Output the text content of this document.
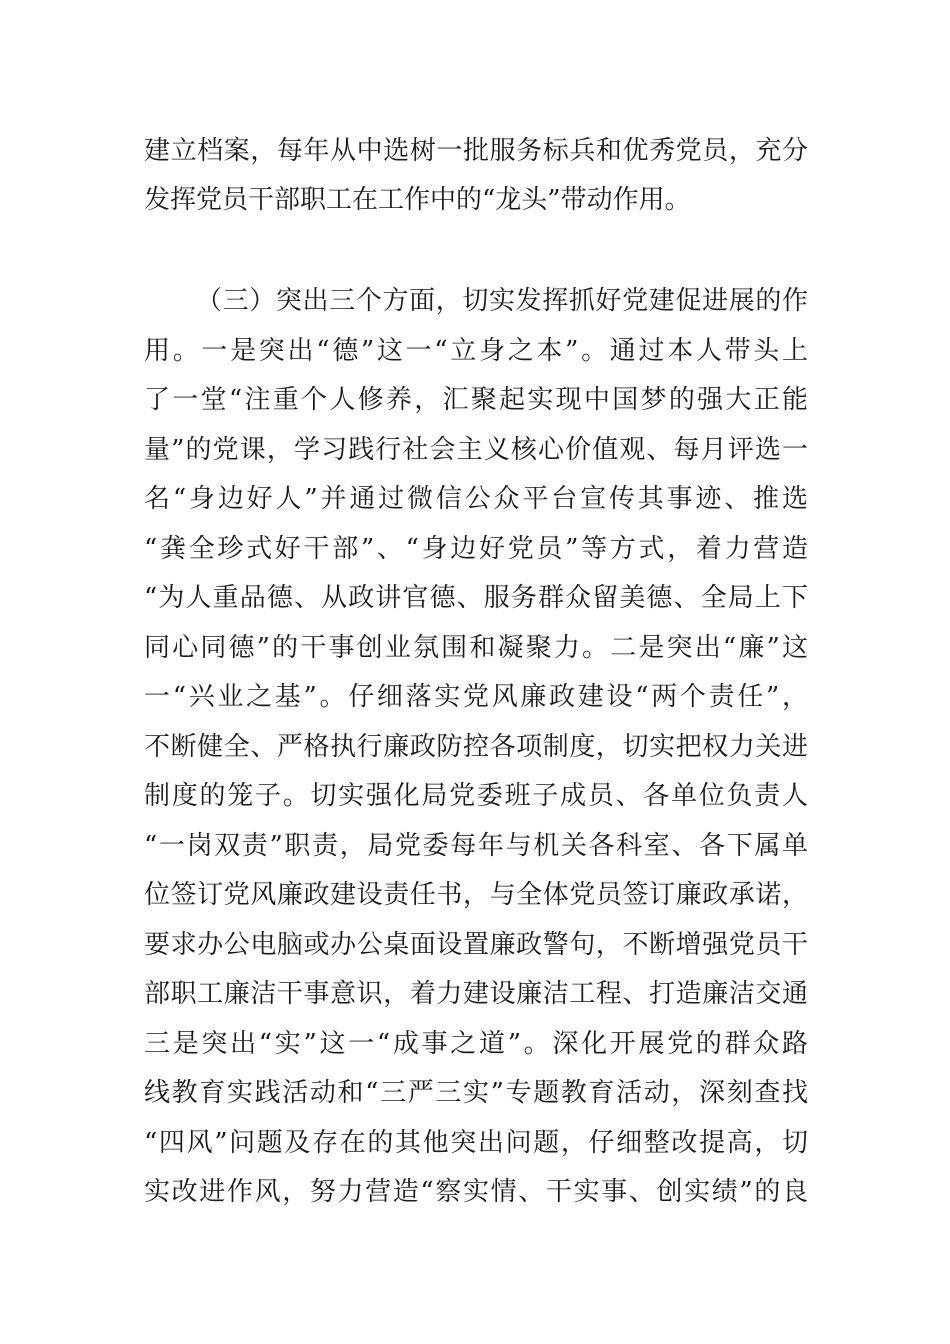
建立档案，每年从中选树一批服务标兵和优秀党员，充分
发挥党员干部职工在工作中的“龙头”带动作用。
（三）突出三个方面，切实发挥抓好党建促进展的作
用。一是突出“德”这一“立身之本”。通过本人带头上
了一堂“注重个人修养，汇聚起实现中国梦的强大正能
量”的党课，学习践行社会主义核心价值观、每月评选一
名“身边好人”并通过微信公众平台宣传其事迹、推选
“龚全珍式好干部”、“身边好党员”等方式，着力营造
“为人重品德、从政讲官德、服务群众留美德、全局上下
同心同德”的干事创业氛围和凝聚力。二是突出“廉”这
一“兴业之基”。仔细落实党风廉政建设“两个责任”，
不断健全、严格执行廉政防控各项制度，切实把权力关进
制度的笼子。切实强化局党委班子成员、各单位负责人
“一岗双责”职责，局党委每年与机关各科室、各下属单
位签订党风廉政建设责任书，与全体党员签订廉政承诺，
要求办公电脑或办公桌面设置廉政警句，不断增强党员干
部职工廉洁干事意识，着力建设廉洁工程、打造廉洁交通
三是突出“实”这一“成事之道”。深化开展党的群众路
线教育实践活动和“三严三实”专题教育活动，深刻查找
“四风”问题及存在的其他突出问题，仔细整改提高，切
实改进作风，努力营造“察实情、干实事、创实绩”的良
